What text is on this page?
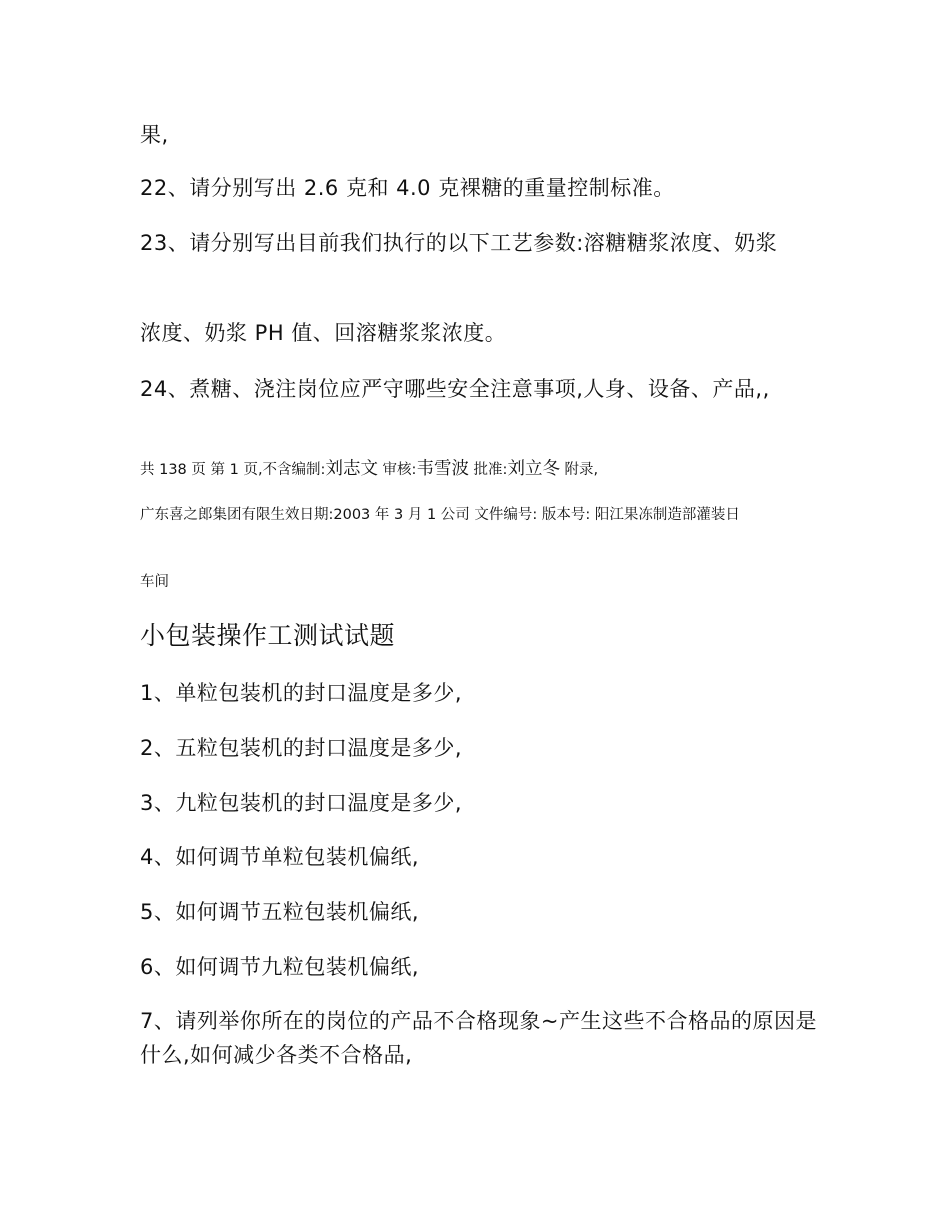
果,

22、请分别写出 2.6 克和 4.0 克裸糖的重量控制标准。

23、请分别写出目前我们执行的以下工艺参数:溶糖糖浆浓度、奶浆

浓度、奶浆 PH 值、回溶糖浆浆浓度。

24、煮糖、浇注岗位应严守哪些安全注意事项,人身、设备、产品,,

共 138 页 第 1 页,不含编制:刘志文 审核:韦雪波 批准:刘立冬 附录,

广东喜之郎集团有限生效日期:2003 年 3 月 1 公司 文件编号: 版本号: 阳江果冻制造部灌装日

车间

小包装操作工测试试题

1、单粒包装机的封口温度是多少,

2、五粒包装机的封口温度是多少,

3、九粒包装机的封口温度是多少,

4、如何调节单粒包装机偏纸,

5、如何调节五粒包装机偏纸,

6、如何调节九粒包装机偏纸,

7、请列举你所在的岗位的产品不合格现象~产生这些不合格品的原因是什么,如何减少各类不合格品,
